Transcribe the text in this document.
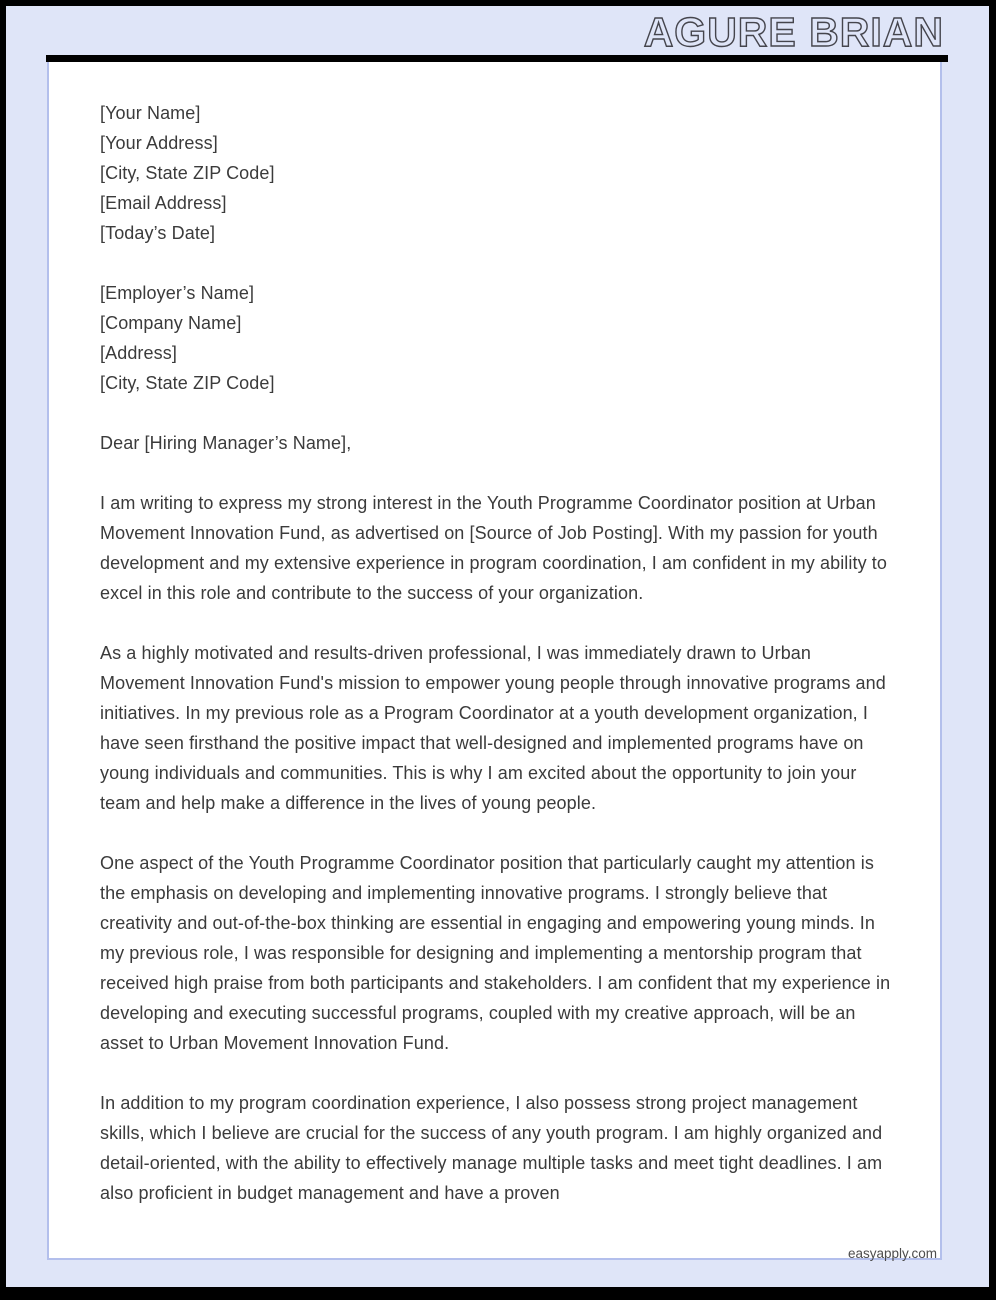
AGURE BRIAN
easyapply.com
[Your Name]
[Your Address]
[City, State ZIP Code]
[Email Address]
[Today’s Date]
[Employer’s Name]
[Company Name]
[Address]
[City, State ZIP Code]
Dear [Hiring Manager’s Name],

I am writing to express my strong interest in the Youth Programme Coordinator position at Urban Movement Innovation Fund, as advertised on [Source of Job Posting]. With my passion for youth development and my extensive experience in program coordination, I am confident in my ability to excel in this role and contribute to the success of your organization.

As a highly motivated and results-driven professional, I was immediately drawn to Urban Movement Innovation Fund's mission to empower young people through innovative programs and initiatives. In my previous role as a Program Coordinator at a youth development organization, I have seen firsthand the positive impact that well-designed and implemented programs have on young individuals and communities. This is why I am excited about the opportunity to join your team and help make a difference in the lives of young people.

One aspect of the Youth Programme Coordinator position that particularly caught my attention is the emphasis on developing and implementing innovative programs. I strongly believe that creativity and out-of-the-box thinking are essential in engaging and empowering young minds. In my previous role, I was responsible for designing and implementing a mentorship program that received high praise from both participants and stakeholders. I am confident that my experience in developing and executing successful programs, coupled with my creative approach, will be an asset to Urban Movement Innovation Fund.

In addition to my program coordination experience, I also possess strong project management skills, which I believe are crucial for the success of any youth program. I am highly organized and detail-oriented, with the ability to effectively manage multiple tasks and meet tight deadlines. I am also proficient in budget management and have a proven
